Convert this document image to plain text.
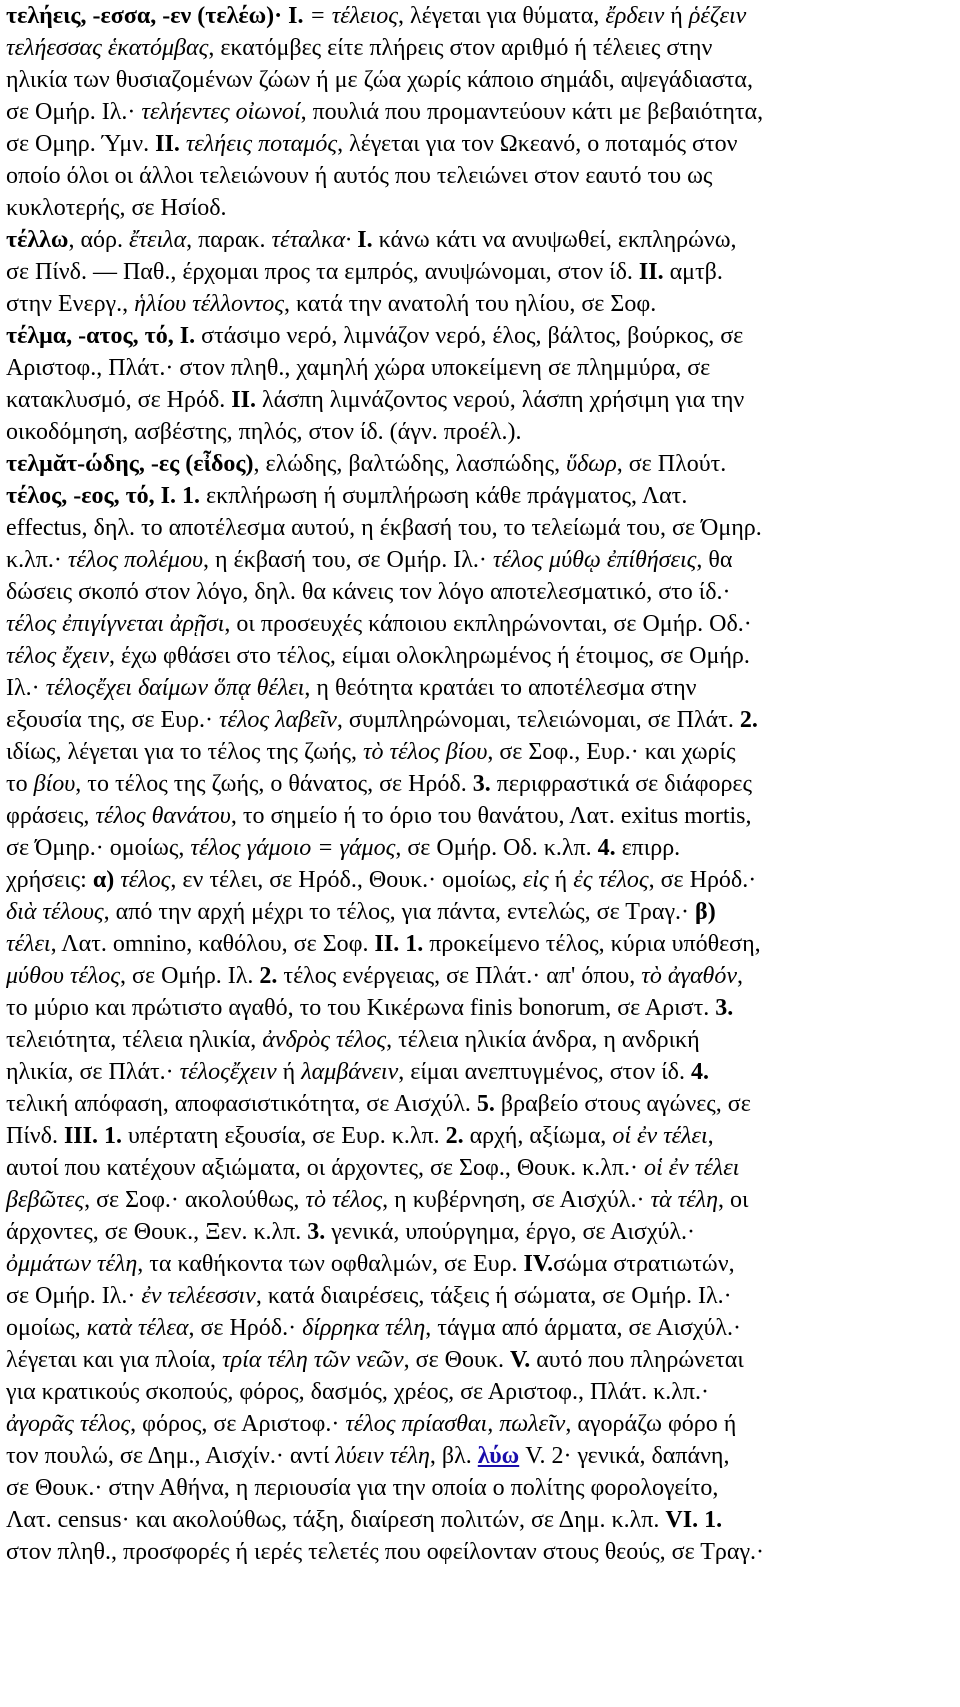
τελήεις, -εσσα, -εν (τελέω)· Ι. = τέλειος, λέγεται για θύματα, ἔρδειν ή ῥέζειν
τελήεσσας ἑκατόμβας, εκατόμβες είτε πλήρεις στον αριθμό ή τέλειες στην
ηλικία των θυσιαζομένων ζώων ή με ζώα χωρίς κάποιο σημάδι, αψεγάδιαστα,
σε Ομήρ. Ιλ.· τελήεντες οἰωνοί, πουλιά που προμαντεύουν κάτι με βεβαιότητα,
σε Ομηρ. Ύμν. ΙΙ. τελήεις ποταμός, λέγεται για τον Ωκεανό, ο ποταμός στον
οποίο όλοι οι άλλοι τελειώνουν ή αυτός που τελειώνει στον εαυτό του ως
κυκλοτερής, σε Ησίοδ.
τέλλω, αόρ. ἔτειλα, παρακ. τέταλκα· Ι. κάνω κάτι να ανυψωθεί, εκπληρώνω,
σε Πίνδ. — Παθ., έρχομαι προς τα εμπρός, ανυψώνομαι, στον ίδ. ΙΙ. αμτβ.
στην Ενεργ., ἡλίου τέλλοντος, κατά την ανατολή του ηλίου, σε Σοφ.
τέλμα, -ατος, τό, Ι. στάσιμο νερό, λιμνάζον νερό, έλος, βάλτος, βούρκος, σε
Αριστοφ., Πλάτ.· στον πληθ., χαμηλή χώρα υποκείμενη σε πλημμύρα, σε
κατακλυσμό, σε Ηρόδ. ΙΙ. λάσπη λιμνάζοντος νερού, λάσπη χρήσιμη για την
οικοδόμηση, ασβέστης, πηλός, στον ίδ. (άγν. προέλ.).
τελμᾰτ-ώδης, -ες (εἶδος), ελώδης, βαλτώδης, λασπώδης, ὕδωρ, σε Πλούτ.
τέλος, -εος, τό, Ι. 1. εκπλήρωση ή συμπλήρωση κάθε πράγματος, Λατ.
effectus, δηλ. το αποτέλεσμα αυτού, η έκβασή του, το τελείωμά του, σε Όμηρ.
κ.λπ.· τέλος πολέμου, η έκβασή του, σε Ομήρ. Ιλ.· τέλος μύθῳ ἐπίθήσεις, θα
δώσεις σκοπό στον λόγο, δηλ. θα κάνεις τον λόγο αποτελεσματικό, στο ίδ.·
τέλος ἐπιγίγνεται ἀρῇσι, οι προσευχές κάποιου εκπληρώνονται, σε Ομήρ. Οδ.·
τέλος ἔχειν, έχω φθάσει στο τέλος, είμαι ολοκληρωμένος ή έτοιμος, σε Ομήρ.
Ιλ.· τέλοςἔχει δαίμων ὅπᾳ θέλει, η θεότητα κρατάει το αποτέλεσμα στην
εξουσία της, σε Ευρ.· τέλος λαβεῖν, συμπληρώνομαι, τελειώνομαι, σε Πλάτ. 2.
ιδίως, λέγεται για το τέλος της ζωής, τὸ τέλος βίου, σε Σοφ., Ευρ.· και χωρίς
το βίου, το τέλος της ζωής, ο θάνατος, σε Ηρόδ. 3. περιφραστικά σε διάφορες
φράσεις, τέλος θανάτου, το σημείο ή το όριο του θανάτου, Λατ. exitus mortis,
σε Όμηρ.· ομοίως, τέλος γάμοιο = γάμος, σε Ομήρ. Οδ. κ.λπ. 4. επιρρ.
χρήσεις: α) τέλος, εν τέλει, σε Ηρόδ., Θουκ.· ομοίως, εἰς ή ἐς τέλος, σε Ηρόδ.·
διὰ τέλους, από την αρχή μέχρι το τέλος, για πάντα, εντελώς, σε Τραγ.· β)
τέλει, Λατ. omnino, καθόλου, σε Σοφ. ΙΙ. 1. προκείμενο τέλος, κύρια υπόθεση,
μύθου τέλος, σε Ομήρ. Ιλ. 2. τέλος ενέργειας, σε Πλάτ.· απ' όπου, τὸ ἀγαθόν,
το μύριο και πρώτιστο αγαθό, το του Κικέρωνα finis bonorum, σε Αριστ. 3.
τελειότητα, τέλεια ηλικία, ἀνδρὸς τέλος, τέλεια ηλικία άνδρα, η ανδρική
ηλικία, σε Πλάτ.· τέλοςἔχειν ή λαμβάνειν, είμαι ανεπτυγμένος, στον ίδ. 4.
τελική απόφαση, αποφασιστικότητα, σε Αισχύλ. 5. βραβείο στους αγώνες, σε
Πίνδ. ΙΙΙ. 1. υπέρτατη εξουσία, σε Ευρ. κ.λπ. 2. αρχή, αξίωμα, οἱ ἐν τέλει,
αυτοί που κατέχουν αξιώματα, οι άρχοντες, σε Σοφ., Θουκ. κ.λπ.· οἱ ἐν τέλει
βεβῶτες, σε Σοφ.· ακολούθως, τὸ τέλος, η κυβέρνηση, σε Αισχύλ.· τὰ τέλη, οι
άρχοντες, σε Θουκ., Ξεν. κ.λπ. 3. γενικά, υπούργημα, έργο, σε Αισχύλ.·
ὀμμάτων τέλη, τα καθήκοντα των οφθαλμών, σε Ευρ. IV.σώμα στρατιωτών,
σε Ομήρ. Ιλ.· ἐν τελέεσσιν, κατά διαιρέσεις, τάξεις ή σώματα, σε Ομήρ. Ιλ.·
ομοίως, κατὰ τέλεα, σε Ηρόδ.· δίρρηκα τέλη, τάγμα από άρματα, σε Αισχύλ.·
λέγεται και για πλοία, τρία τέλη τῶν νεῶν, σε Θουκ. V. αυτό που πληρώνεται
για κρατικούς σκοπούς, φόρος, δασμός, χρέος, σε Αριστοφ., Πλάτ. κ.λπ.·
ἀγορᾶς τέλος, φόρος, σε Αριστοφ.· τέλος πρίασθαι, πωλεῖν, αγοράζω φόρο ή
τον πουλώ, σε Δημ., Αισχίν.· αντί λύειν τέλη, βλ. λύω V. 2· γενικά, δαπάνη,
σε Θουκ.· στην Αθήνα, η περιουσία για την οποία ο πολίτης φορολογείτο,
Λατ. census· και ακολούθως, τάξη, διαίρεση πολιτών, σε Δημ. κ.λπ. VI. 1.
στον πληθ., προσφορές ή ιερές τελετές που οφείλονταν στους θεούς, σε Τραγ.·
